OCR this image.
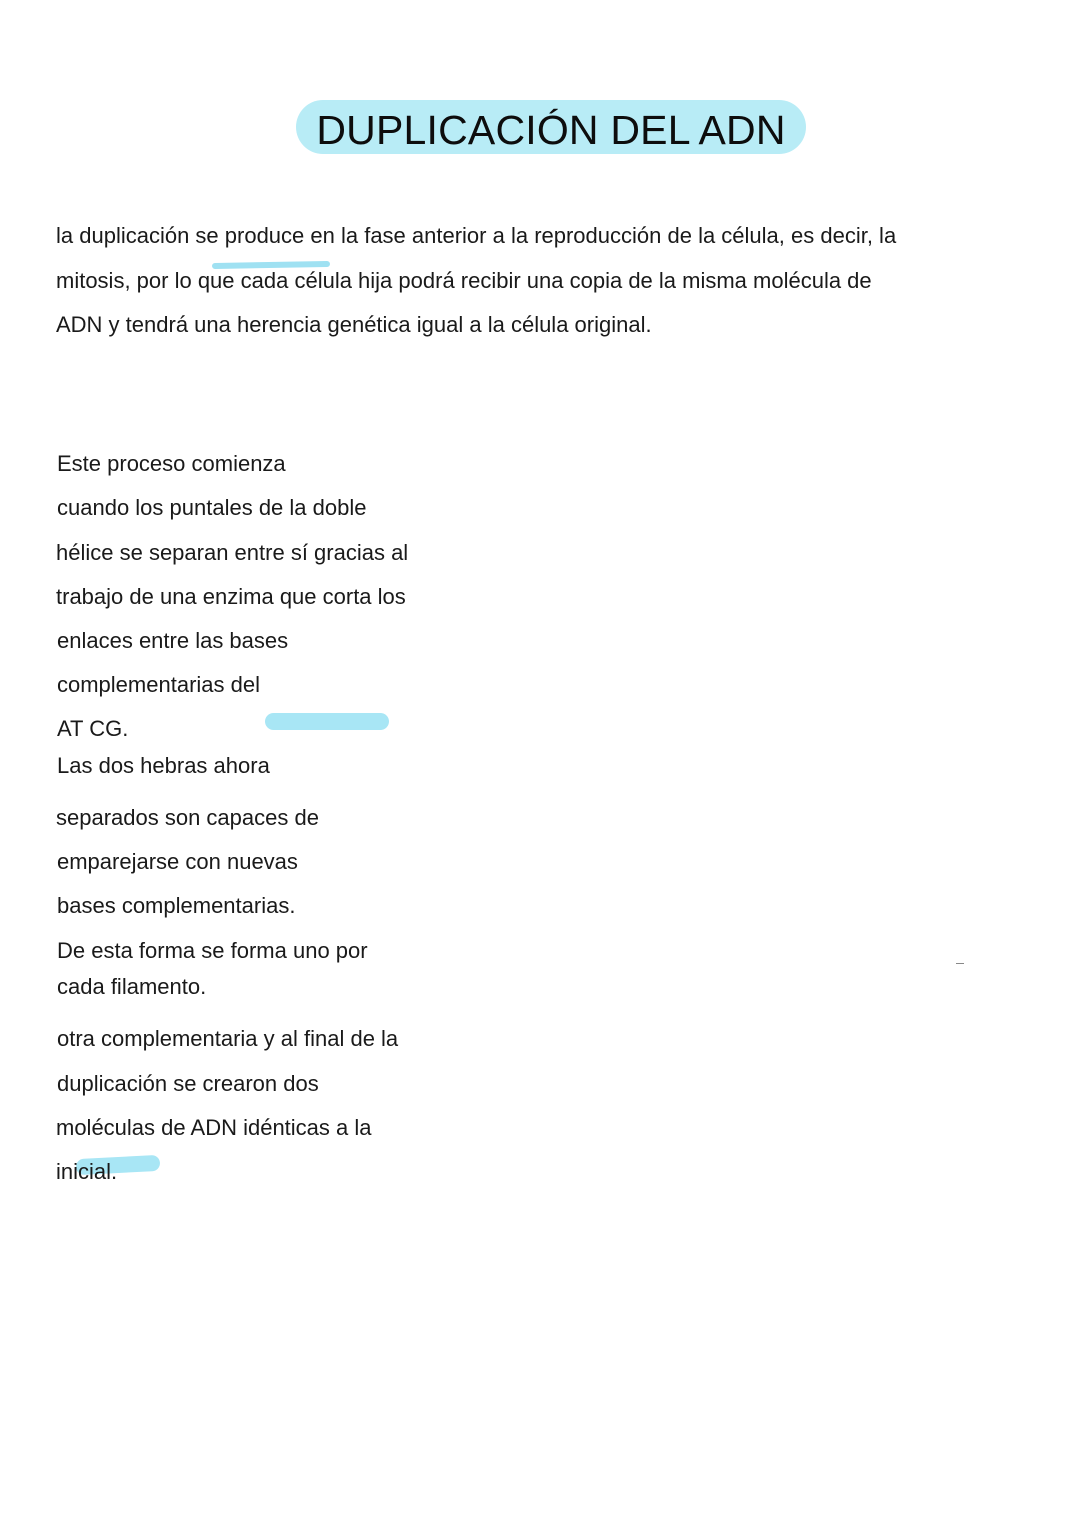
DUPLICACIÓN DEL ADN
la duplicación se produce en la fase anterior a la reproducción de la célula, es decir, la
mitosis, por lo que cada célula hija podrá recibir una copia de la misma molécula de
ADN y tendrá una herencia genética igual a la célula original.
Este proceso comienza
cuando los puntales de la doble
hélice se separan entre sí gracias al
trabajo de una enzima que corta los
enlaces entre las bases
complementarias del
AT CG.
Las dos hebras ahora
separados son capaces de
emparejarse con nuevas
bases complementarias.
De esta forma se forma uno por
cada filamento.
otra complementaria y al final de la
duplicación se crearon dos
moléculas de ADN idénticas a la
inicial.
